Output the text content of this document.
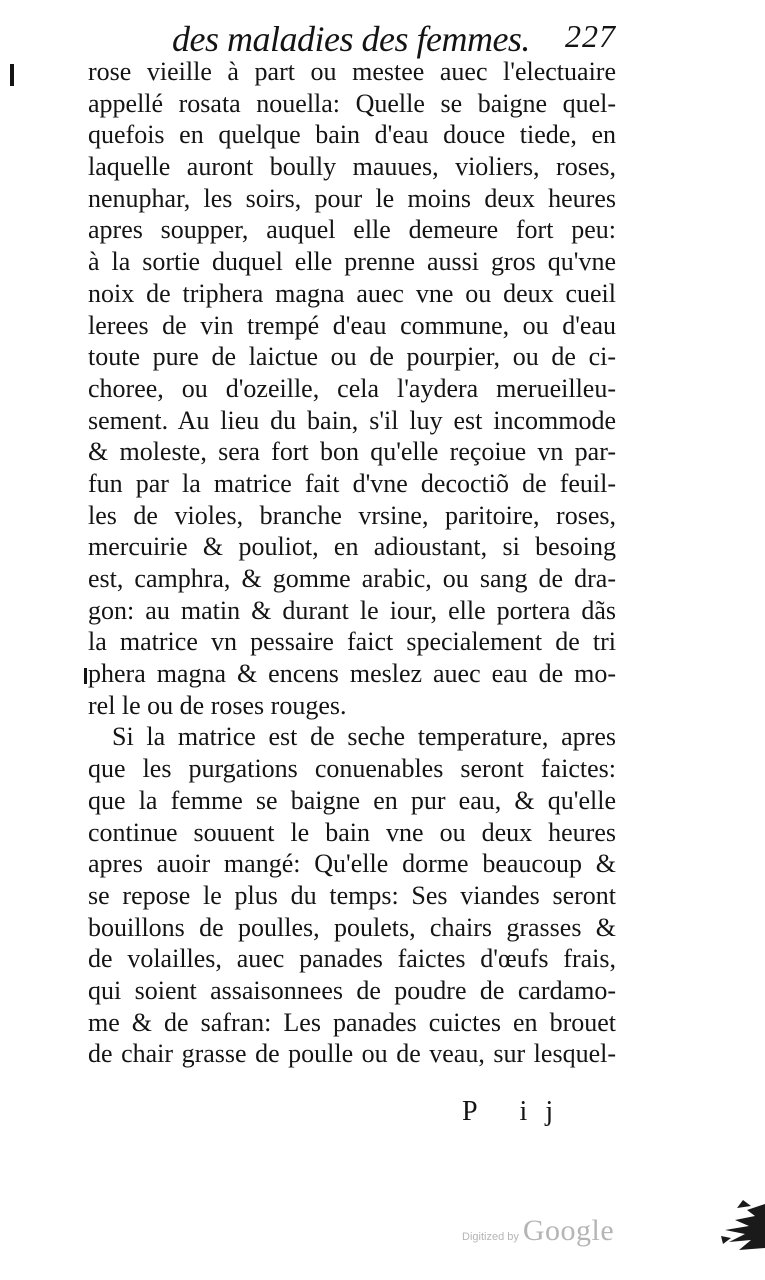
des maladies des femmes. 227
rose vieille à part ou mestee auec l'electuaire
appellé rosata nouella: Quelle se baigne quel-
quefois en quelque bain d'eau douce tiede, en
laquelle auront boully mauues, violiers, roses,
nenuphar, les soirs, pour le moins deux heures
apres soupper, auquel elle demeure fort peu:
à la sortie duquel elle prenne aussi gros qu'vne
noix de triphera magna auec vne ou deux cueil
lerees de vin trempé d'eau commune, ou d'eau
toute pure de laictue ou de pourpier, ou de ci-
choree, ou d'ozeille, cela l'aydera merueilleu-
sement. Au lieu du bain, s'il luy est incommode
& moleste, sera fort bon qu'elle reçoiue vn par-
fun par la matrice fait d'vne decoctiõ de feuil-
les de violes, branche vrsine, paritoire, roses,
mercuirie & pouliot, en adioustant, si besoing
est, camphra, & gomme arabic, ou sang de dra-
gon: au matin & durant le iour, elle portera dãs
la matrice vn pessaire faict specialement de tri
phera magna & encens meslez auec eau de mo-
rel le ou de roses rouges.
Si la matrice est de seche temperature, apres
que les purgations conuenables seront faictes:
que la femme se baigne en pur eau, & qu'elle
continue souuent le bain vne ou deux heures
apres auoir mangé: Qu'elle dorme beaucoup &
se repose le plus du temps: Ses viandes seront
bouillons de poulles, poulets, chairs grasses &
de volailles, auec panades faictes d'œufs frais,
qui soient assaisonnees de poudre de cardamo-
me & de safran: Les panades cuictes en brouet
de chair grasse de poulle ou de veau, sur lesquel-
P ij
Digitized by Google
